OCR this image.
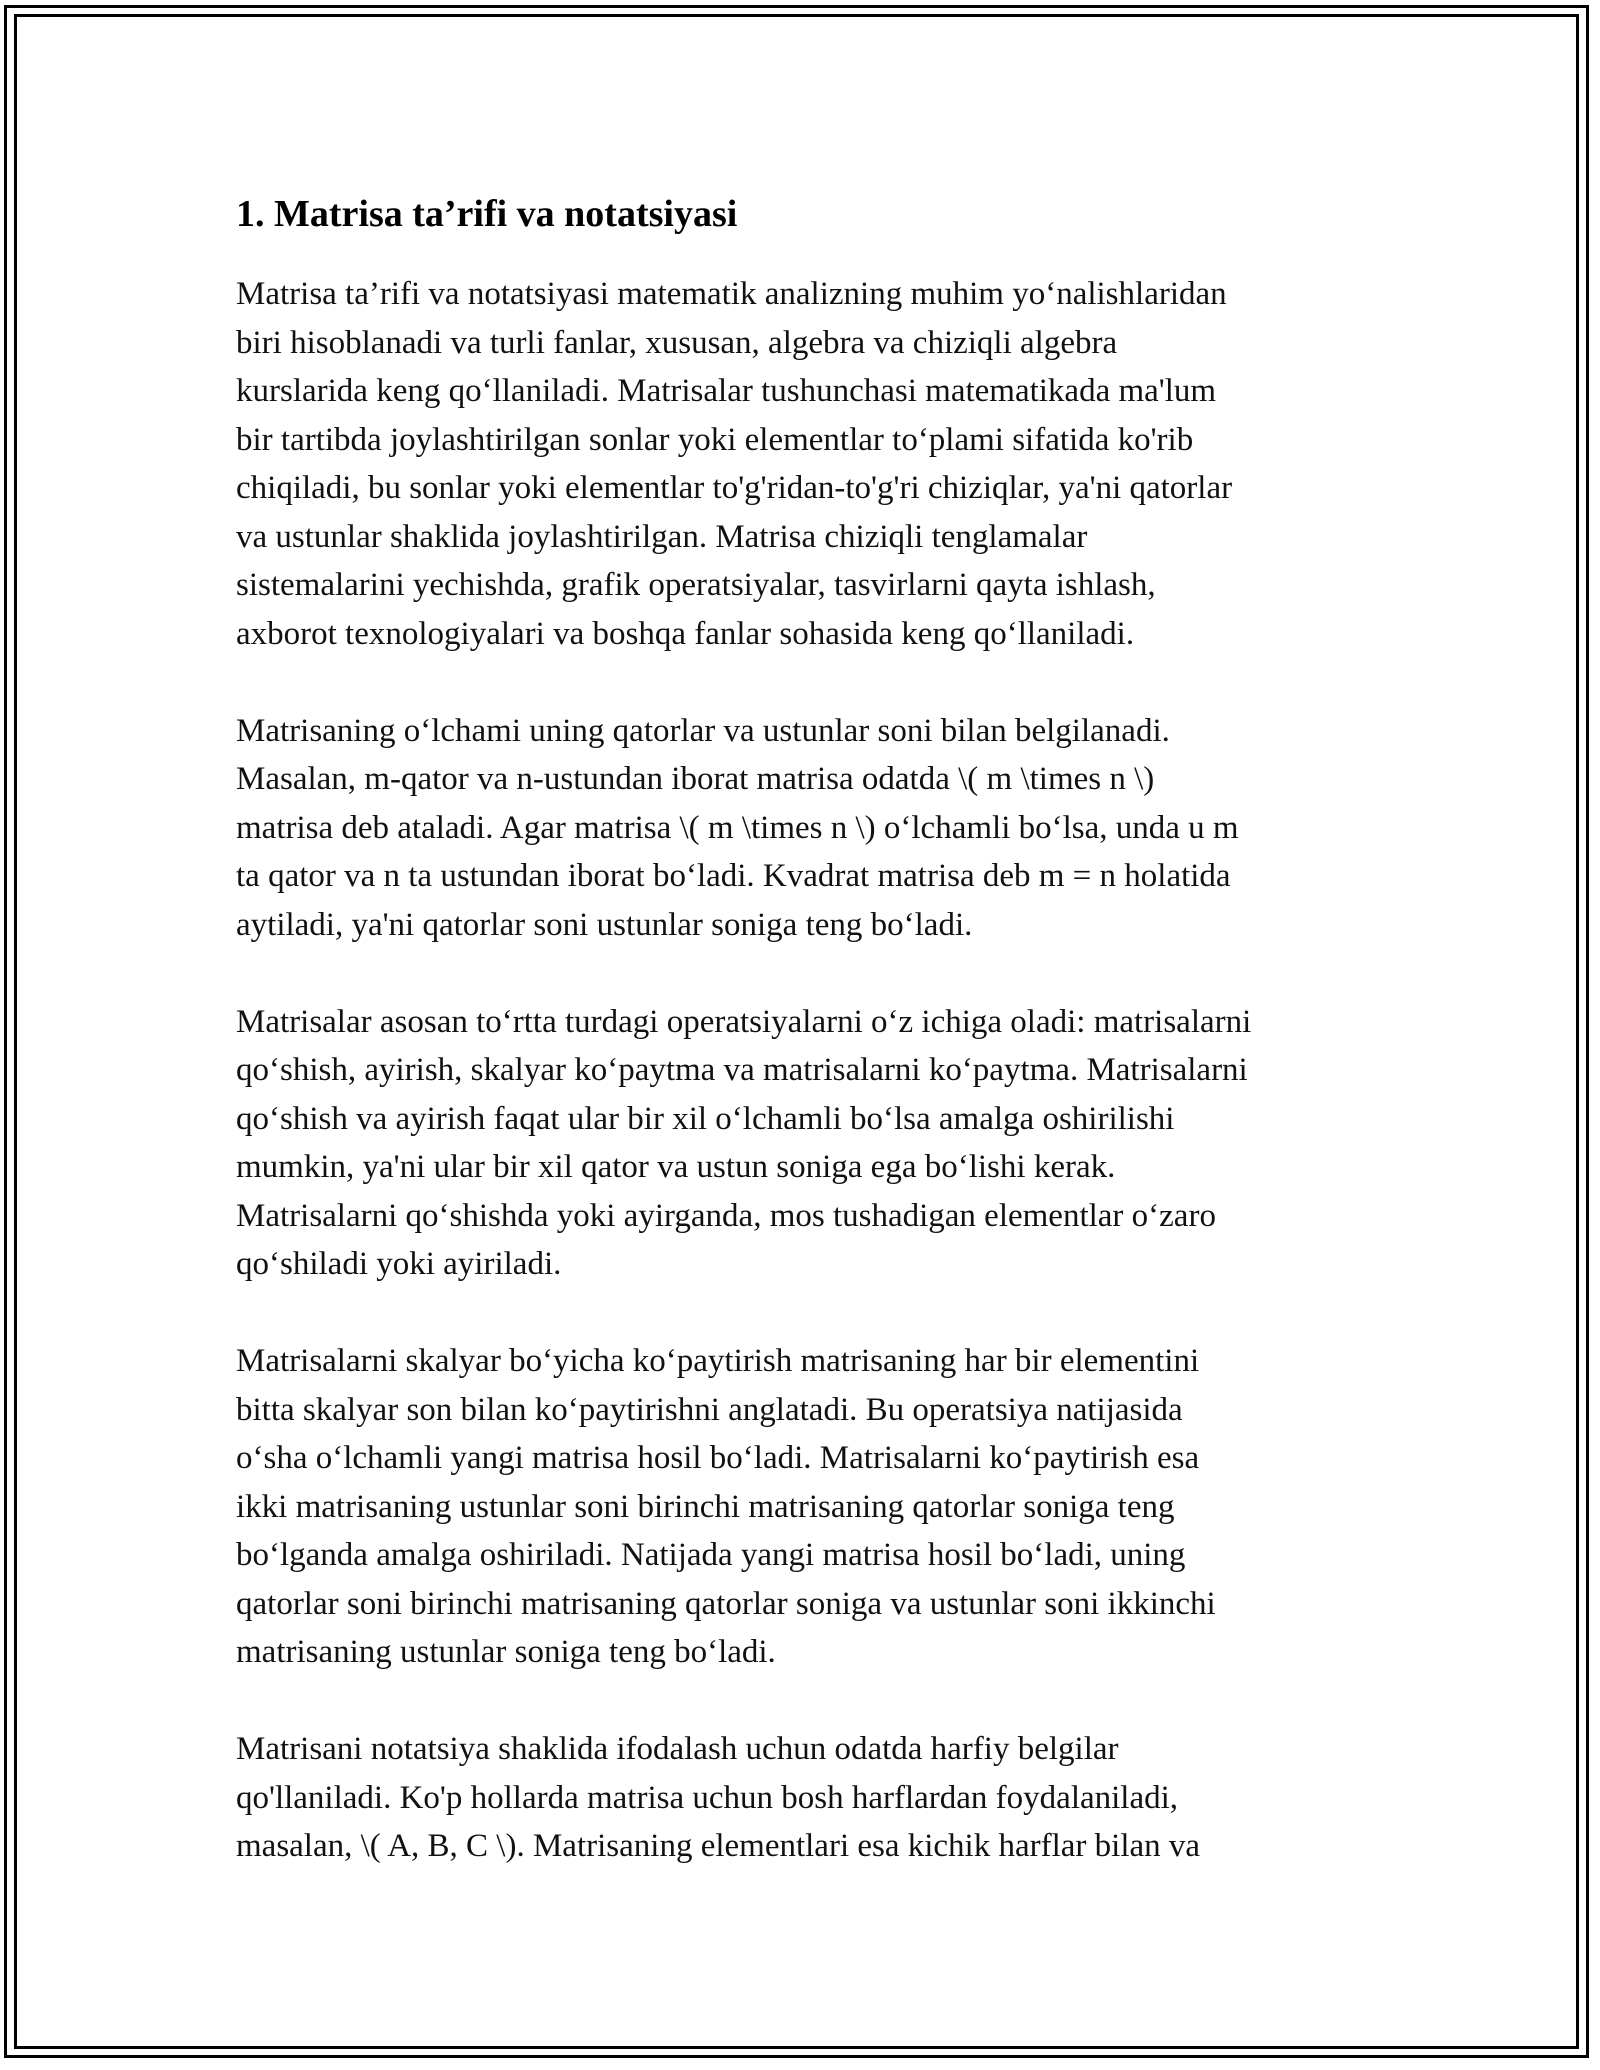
1. Matrisa ta’rifi va notatsiyasi
Matrisa ta’rifi va notatsiyasi matematik analizning muhim yo‘nalishlaridan
biri hisoblanadi va turli fanlar, xususan, algebra va chiziqli algebra
kurslarida keng qo‘llaniladi. Matrisalar tushunchasi matematikada ma'lum
bir tartibda joylashtirilgan sonlar yoki elementlar to‘plami sifatida ko'rib
chiqiladi, bu sonlar yoki elementlar to'g'ridan-to'g'ri chiziqlar, ya'ni qatorlar
va ustunlar shaklida joylashtirilgan. Matrisa chiziqli tenglamalar
sistemalarini yechishda, grafik operatsiyalar, tasvirlarni qayta ishlash,
axborot texnologiyalari va boshqa fanlar sohasida keng qo‘llaniladi.
Matrisaning o‘lchami uning qatorlar va ustunlar soni bilan belgilanadi.
Masalan, m-qator va n-ustundan iborat matrisa odatda \( m \times n \)
matrisa deb ataladi. Agar matrisa \( m \times n \) o‘lchamli bo‘lsa, unda u m
ta qator va n ta ustundan iborat bo‘ladi. Kvadrat matrisa deb m = n holatida
aytiladi, ya'ni qatorlar soni ustunlar soniga teng bo‘ladi.
Matrisalar asosan to‘rtta turdagi operatsiyalarni o‘z ichiga oladi: matrisalarni
qo‘shish, ayirish, skalyar ko‘paytma va matrisalarni ko‘paytma. Matrisalarni
qo‘shish va ayirish faqat ular bir xil o‘lchamli bo‘lsa amalga oshirilishi
mumkin, ya'ni ular bir xil qator va ustun soniga ega bo‘lishi kerak.
Matrisalarni qo‘shishda yoki ayirganda, mos tushadigan elementlar o‘zaro
qo‘shiladi yoki ayiriladi.
Matrisalarni skalyar bo‘yicha ko‘paytirish matrisaning har bir elementini
bitta skalyar son bilan ko‘paytirishni anglatadi. Bu operatsiya natijasida
o‘sha o‘lchamli yangi matrisa hosil bo‘ladi. Matrisalarni ko‘paytirish esa
ikki matrisaning ustunlar soni birinchi matrisaning qatorlar soniga teng
bo‘lganda amalga oshiriladi. Natijada yangi matrisa hosil bo‘ladi, uning
qatorlar soni birinchi matrisaning qatorlar soniga va ustunlar soni ikkinchi
matrisaning ustunlar soniga teng bo‘ladi.
Matrisani notatsiya shaklida ifodalash uchun odatda harfiy belgilar
qo'llaniladi. Ko'p hollarda matrisa uchun bosh harflardan foydalaniladi,
masalan, \( A, B, C \). Matrisaning elementlari esa kichik harflar bilan va
